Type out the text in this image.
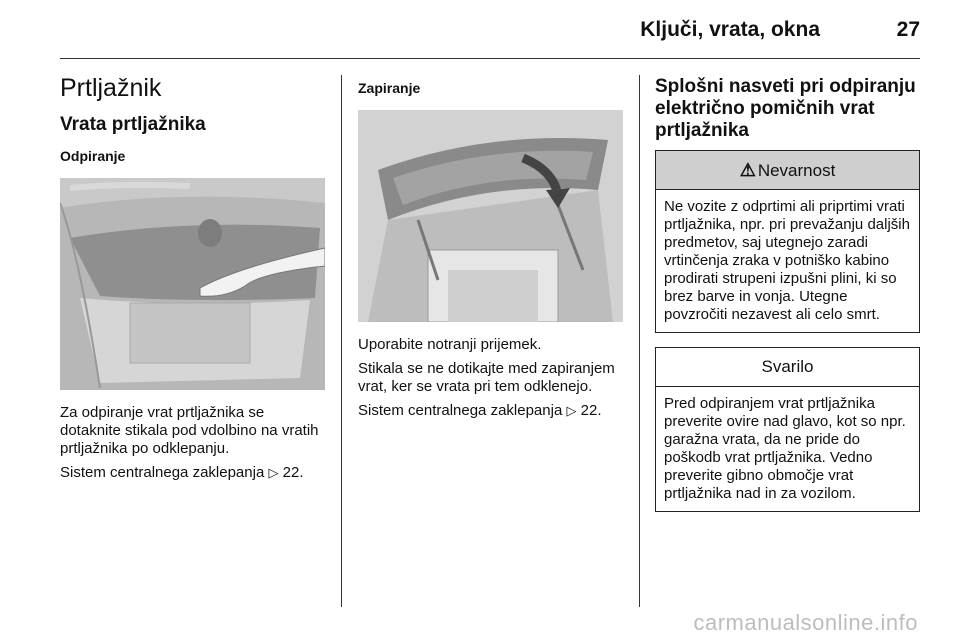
Ključi, vrata, okna	27
Prtljažnik
Vrata prtljažnika
Odpiranje

Za odpiranje vrat prtljažnika se dotaknite stikala pod vdolbino na vratih prtljažnika po odklepanju.

Sistem centralnega zaklepanja ▷ 22.

Zapiranje

Uporabite notranji prijemek.

Stikala se ne dotikajte med zapiranjem vrat, ker se vrata pri tem odklenejo.

Sistem centralnega zaklepanja ▷ 22.

Splošni nasveti pri odpiranju električno pomičnih vrat prtljažnika
⚠ Nevarnost

Ne vozite z odprtimi ali priprtimi vrati prtljažnika, npr. pri prevažanju daljših predmetov, saj utegnejo zaradi vrtinčenja zraka v potniško kabino prodirati strupeni izpušni plini, ki so brez barve in vonja. Utegne povzročiti nezavest ali celo smrt.

Svarilo

Pred odpiranjem vrat prtljažnika preverite ovire nad glavo, kot so npr. garažna vrata, da ne pride do poškodb vrat prtljažnika. Vedno preverite gibno območje vrat prtljažnika nad in za vozilom.

carmanualsonline.info
